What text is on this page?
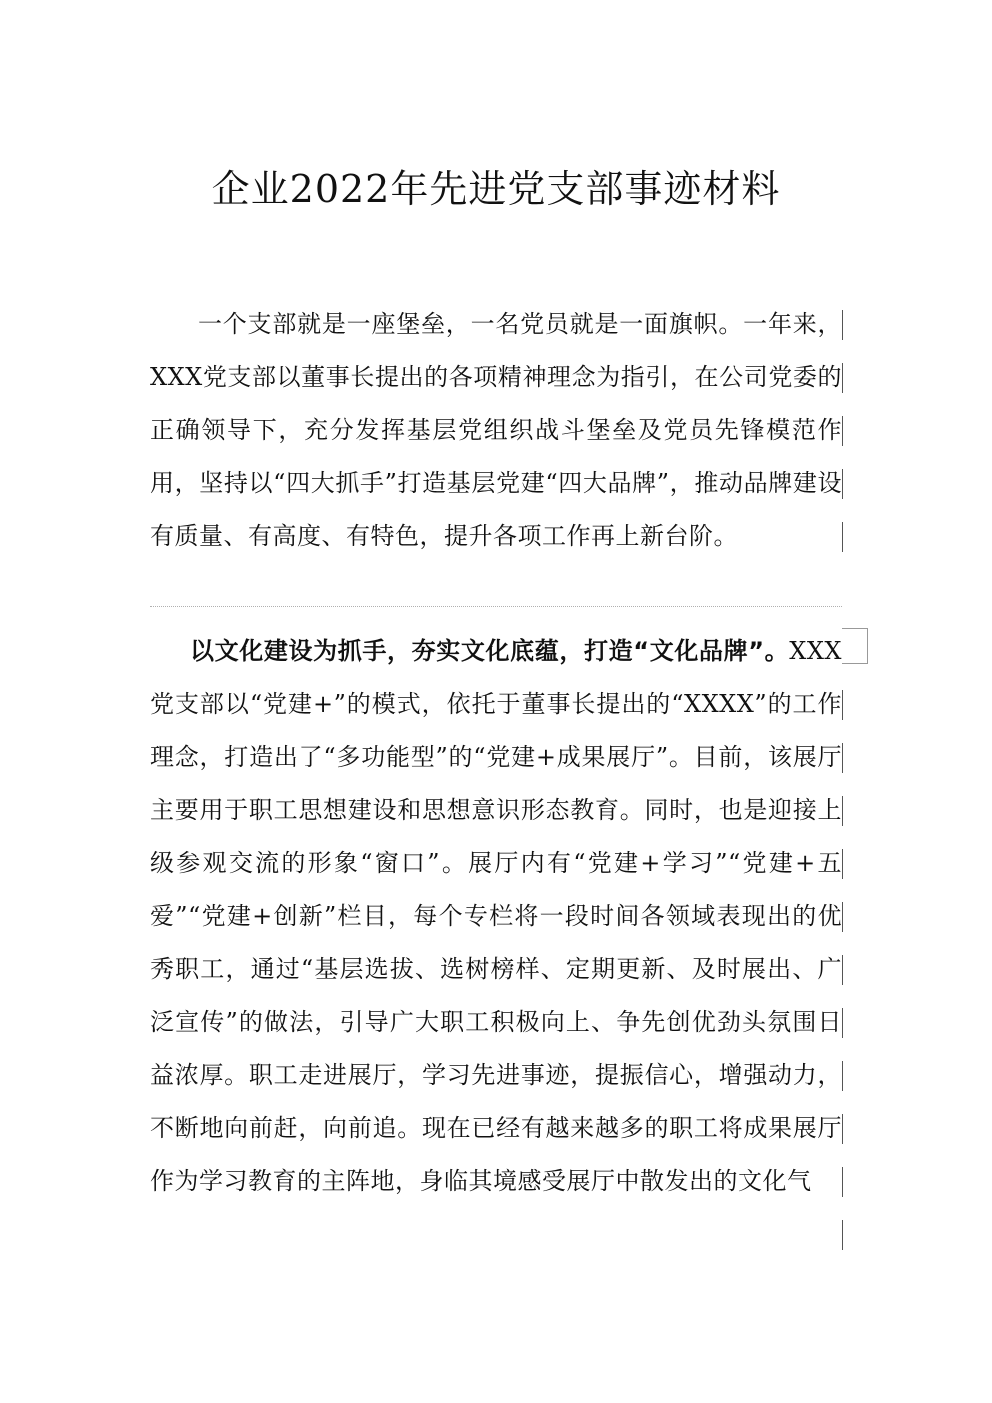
企业2022年先进党支部事迹材料

一个支部就是一座堡垒，一名党员就是一面旗帜。一年来，XXX党支部以董事长提出的各项精神理念为指引，在公司党委的正确领导下，充分发挥基层党组织战斗堡垒及党员先锋模范作用，坚持以“四大抓手”打造基层党建“四大品牌”，推动品牌建设有质量、有高度、有特色，提升各项工作再上新台阶。

以文化建设为抓手，夯实文化底蕴，打造“文化品牌”。XXX党支部以“党建+”的模式，依托于董事长提出的“XXXX”的工作理念，打造出了“多功能型”的“党建+成果展厅”。目前，该展厅主要用于职工思想建设和思想意识形态教育。同时，也是迎接上级参观交流的形象“窗口”。展厅内有“党建+学习”“党建+五爱”“党建+创新”栏目，每个专栏将一段时间各领域表现出的优秀职工，通过“基层选拔、选树榜样、定期更新、及时展出、广泛宣传”的做法，引导广大职工积极向上、争先创优劲头氛围日益浓厚。职工走进展厅，学习先进事迹，提振信心，增强动力，不断地向前赶，向前追。现在已经有越来越多的职工将成果展厅作为学习教育的主阵地，身临其境感受展厅中散发出的文化气
